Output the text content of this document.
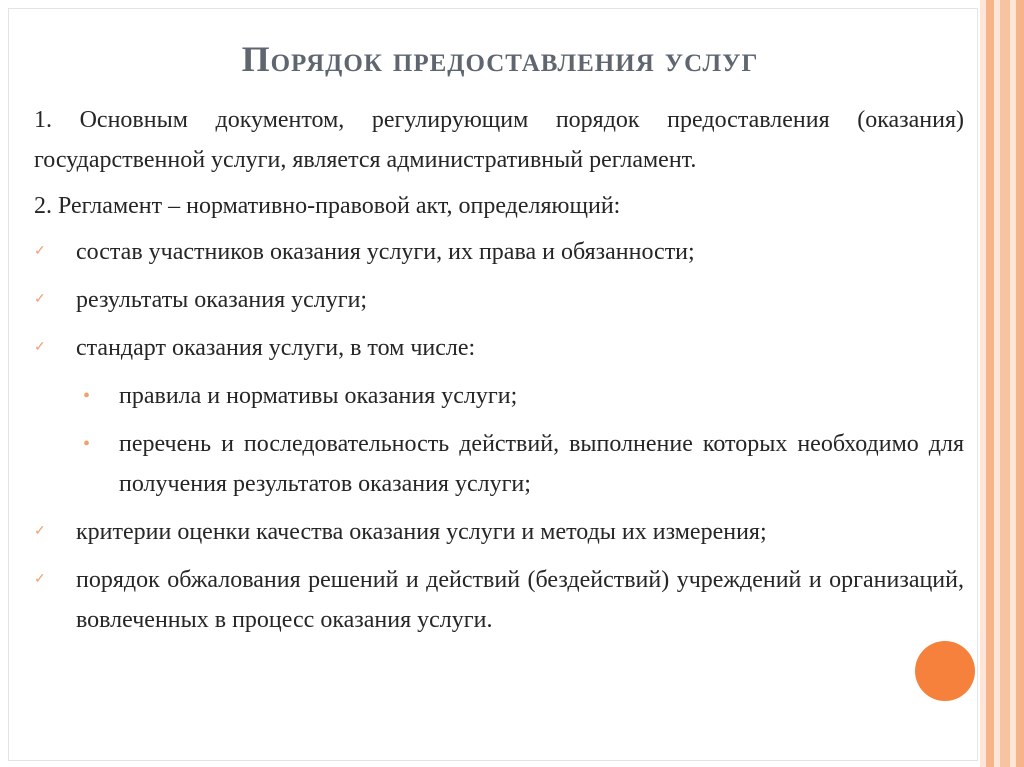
Порядок предоставления услуг

1. Основным документом, регулирующим порядок предоставления (оказания) государственной услуги, является административный регламент.

2. Регламент – нормативно-правовой акт, определяющий:

✓ состав участников оказания услуги, их права и обязанности;
✓ результаты оказания услуги;
✓ стандарт оказания услуги, в том числе:
• правила и нормативы оказания услуги;
• перечень и последовательность действий, выполнение которых необходимо для получения результатов оказания услуги;
✓ критерии оценки качества оказания услуги и методы их измерения;
✓ порядок обжалования решений и действий (бездействий) учреждений и организаций, вовлеченных в процесс оказания услуги.
